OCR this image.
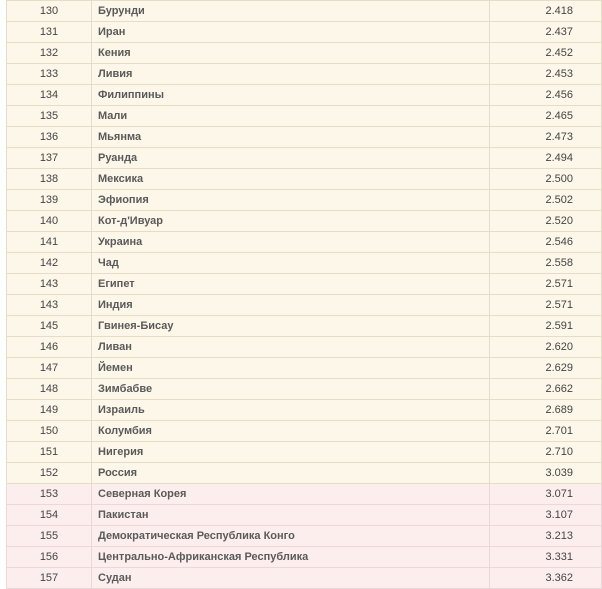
130	Бурунди	2.418
131	Иран	2.437
132	Кения	2.452
133	Ливия	2.453
134	Филиппины	2.456
135	Мали	2.465
136	Мьянма	2.473
137	Руанда	2.494
138	Мексика	2.500
139	Эфиопия	2.502
140	Кот-д'Ивуар	2.520
141	Украина	2.546
142	Чад	2.558
143	Египет	2.571
143	Индия	2.571
145	Гвинея-Бисау	2.591
146	Ливан	2.620
147	Йемен	2.629
148	Зимбабве	2.662
149	Израиль	2.689
150	Колумбия	2.701
151	Нигерия	2.710
152	Россия	3.039
153	Северная Корея	3.071
154	Пакистан	3.107
155	Демократическая Республика Конго	3.213
156	Центрально-Африканская Республика	3.331
157	Судан	3.362
